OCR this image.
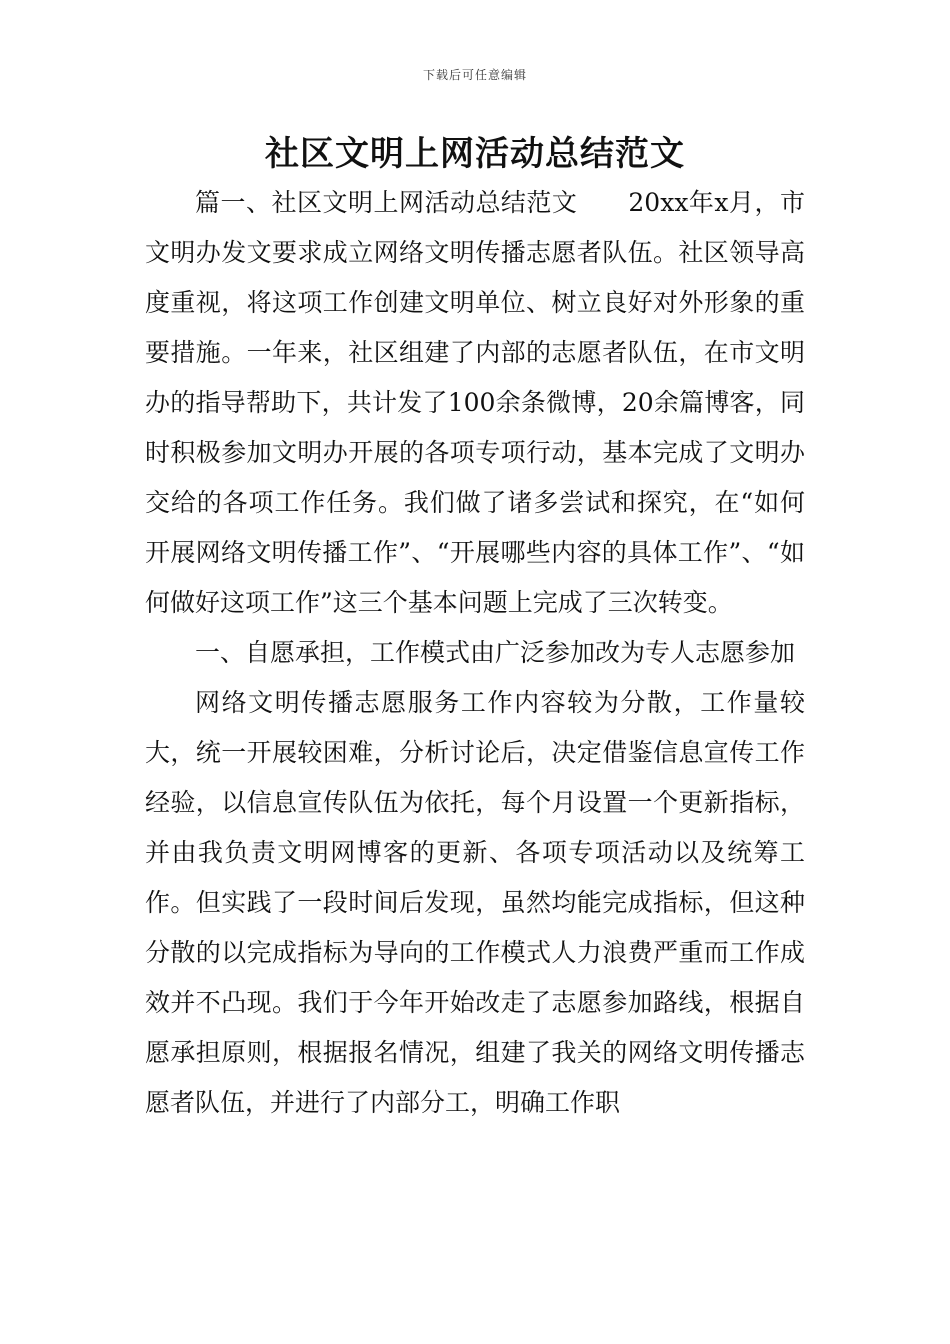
下载后可任意编辑
社区文明上网活动总结范文

篇一、社区文明上网活动总结范文　　20xx年x月，市文明办发文要求成立网络文明传播志愿者队伍。社区领导高度重视，将这项工作创建文明单位、树立良好对外形象的重要措施。一年来，社区组建了内部的志愿者队伍，在市文明办的指导帮助下，共计发了100余条微博，20余篇博客，同时积极参加文明办开展的各项专项行动，基本完成了文明办交给的各项工作任务。我们做了诸多尝试和探究，在“如何开展网络文明传播工作”、“开展哪些内容的具体工作”、“如何做好这项工作”这三个基本问题上完成了三次转变。

一、自愿承担，工作模式由广泛参加改为专人志愿参加

网络文明传播志愿服务工作内容较为分散，工作量较大，统一开展较困难，分析讨论后，决定借鉴信息宣传工作经验，以信息宣传队伍为依托，每个月设置一个更新指标，并由我负责文明网博客的更新、各项专项活动以及统筹工作。但实践了一段时间后发现，虽然均能完成指标，但这种分散的以完成指标为导向的工作模式人力浪费严重而工作成效并不凸现。我们于今年开始改走了志愿参加路线，根据自愿承担原则，根据报名情况，组建了我关的网络文明传播志愿者队伍，并进行了内部分工，明确工作职
